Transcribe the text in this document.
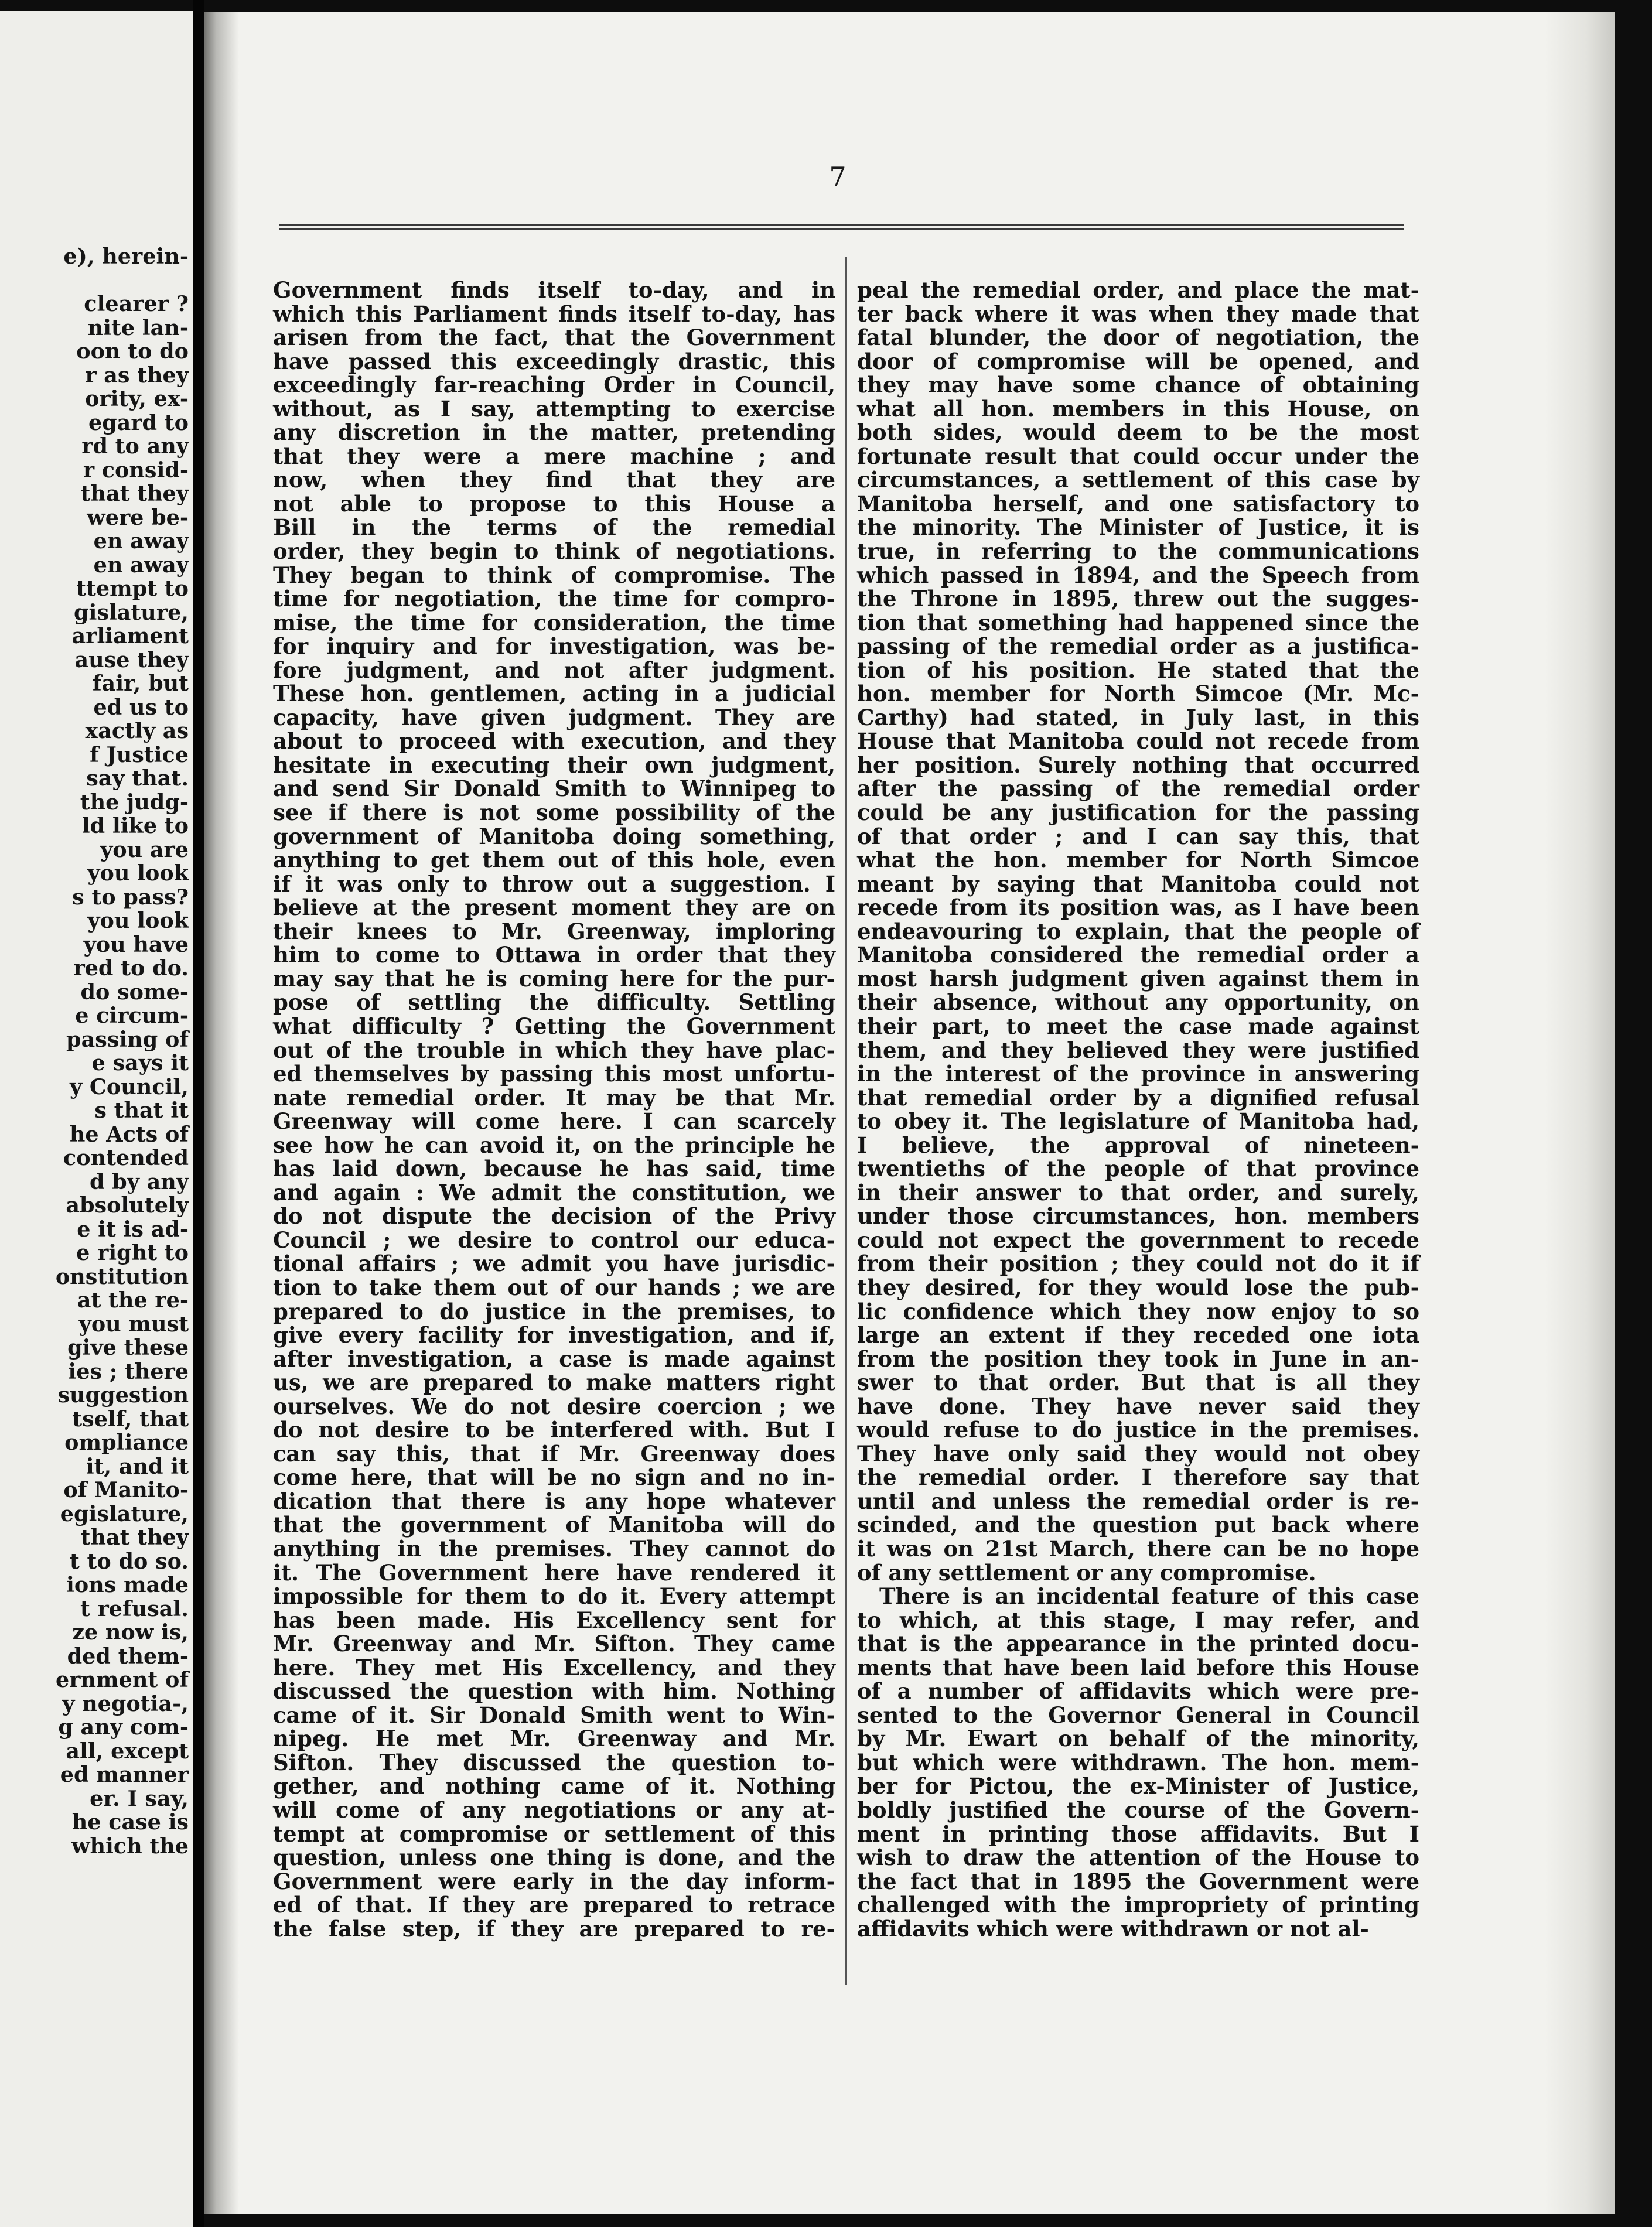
e), herein-
clearer ?
nite lan-
oon to do
r as they
ority, ex-
egard to
rd to any
r consid-
that they
were be-
en away
en away
ttempt to
gislature,
arliament
ause they
fair, but
ed us to
xactly as
f Justice
say that.
the judg-
ld like to
you are
you look
s to pass?
you look
you have
red to do.
do some-
e circum-
passing of
e says it
y Council,
s that it
he Acts of
contended
d by any
absolutely
e it is ad-
e right to
onstitution
at the re-
you must
give these
ies ; there
suggestion
tself, that
ompliance
it, and it
of Manito-
egislature,
that they
t to do so.
ions made
t refusal.
ze now is,
ded them-
ernment of
y negotia-,
g any com-
all, except
ed manner
er. I say,
he case is
which the
7
Government finds itself to-day, and in
which this Parliament finds itself to-day, has
arisen from the fact, that the Government
have passed this exceedingly drastic, this
exceedingly far-reaching Order in Council,
without, as I say, attempting to exercise
any discretion in the matter, pretending
that they were a mere machine ; and
now, when they find that they are
not able to propose to this House a
Bill in the terms of the remedial
order, they begin to think of negotiations.
They began to think of compromise. The
time for negotiation, the time for compro-
mise, the time for consideration, the time
for inquiry and for investigation, was be-
fore judgment, and not after judgment.
These hon. gentlemen, acting in a judicial
capacity, have given judgment. They are
about to proceed with execution, and they
hesitate in executing their own judgment,
and send Sir Donald Smith to Winnipeg to
see if there is not some possibility of the
government of Manitoba doing something,
anything to get them out of this hole, even
if it was only to throw out a suggestion. I
believe at the present moment they are on
their knees to Mr. Greenway, imploring
him to come to Ottawa in order that they
may say that he is coming here for the pur-
pose of settling the difficulty. Settling
what difficulty ? Getting the Government
out of the trouble in which they have plac-
ed themselves by passing this most unfortu-
nate remedial order. It may be that Mr.
Greenway will come here. I can scarcely
see how he can avoid it, on the principle he
has laid down, because he has said, time
and again : We admit the constitution, we
do not dispute the decision of the Privy
Council ; we desire to control our educa-
tional affairs ; we admit you have jurisdic-
tion to take them out of our hands ; we are
prepared to do justice in the premises, to
give every facility for investigation, and if,
after investigation, a case is made against
us, we are prepared to make matters right
ourselves. We do not desire coercion ; we
do not desire to be interfered with. But I
can say this, that if Mr. Greenway does
come here, that will be no sign and no in-
dication that there is any hope whatever
that the government of Manitoba will do
anything in the premises. They cannot do
it. The Government here have rendered it
impossible for them to do it. Every attempt
has been made. His Excellency sent for
Mr. Greenway and Mr. Sifton. They came
here. They met His Excellency, and they
discussed the question with him. Nothing
came of it. Sir Donald Smith went to Win-
nipeg. He met Mr. Greenway and Mr.
Sifton. They discussed the question to-
gether, and nothing came of it. Nothing
will come of any negotiations or any at-
tempt at compromise or settlement of this
question, unless one thing is done, and the
Government were early in the day inform-
ed of that. If they are prepared to retrace
the false step, if they are prepared to re-
peal the remedial order, and place the mat-
ter back where it was when they made that
fatal blunder, the door of negotiation, the
door of compromise will be opened, and
they may have some chance of obtaining
what all hon. members in this House, on
both sides, would deem to be the most
fortunate result that could occur under the
circumstances, a settlement of this case by
Manitoba herself, and one satisfactory to
the minority. The Minister of Justice, it is
true, in referring to the communications
which passed in 1894, and the Speech from
the Throne in 1895, threw out the sugges-
tion that something had happened since the
passing of the remedial order as a justifica-
tion of his position. He stated that the
hon. member for North Simcoe (Mr. Mc-
Carthy) had stated, in July last, in this
House that Manitoba could not recede from
her position. Surely nothing that occurred
after the passing of the remedial order
could be any justification for the passing
of that order ; and I can say this, that
what the hon. member for North Simcoe
meant by saying that Manitoba could not
recede from its position was, as I have been
endeavouring to explain, that the people of
Manitoba considered the remedial order a
most harsh judgment given against them in
their absence, without any opportunity, on
their part, to meet the case made against
them, and they believed they were justified
in the interest of the province in answering
that remedial order by a dignified refusal
to obey it. The legislature of Manitoba had,
I believe, the approval of nineteen-
twentieths of the people of that province
in their answer to that order, and surely,
under those circumstances, hon. members
could not expect the government to recede
from their position ; they could not do it if
they desired, for they would lose the pub-
lic confidence which they now enjoy to so
large an extent if they receded one iota
from the position they took in June in an-
swer to that order. But that is all they
have done. They have never said they
would refuse to do justice in the premises.
They have only said they would not obey
the remedial order. I therefore say that
until and unless the remedial order is re-
scinded, and the question put back where
it was on 21st March, there can be no hope
of any settlement or any compromise.
There is an incidental feature of this case
to which, at this stage, I may refer, and
that is the appearance in the printed docu-
ments that have been laid before this House
of a number of affidavits which were pre-
sented to the Governor General in Council
by Mr. Ewart on behalf of the minority,
but which were withdrawn. The hon. mem-
ber for Pictou, the ex-Minister of Justice,
boldly justified the course of the Govern-
ment in printing those affidavits. But I
wish to draw the attention of the House to
the fact that in 1895 the Government were
challenged with the impropriety of printing
affidavits which were withdrawn or not al-
